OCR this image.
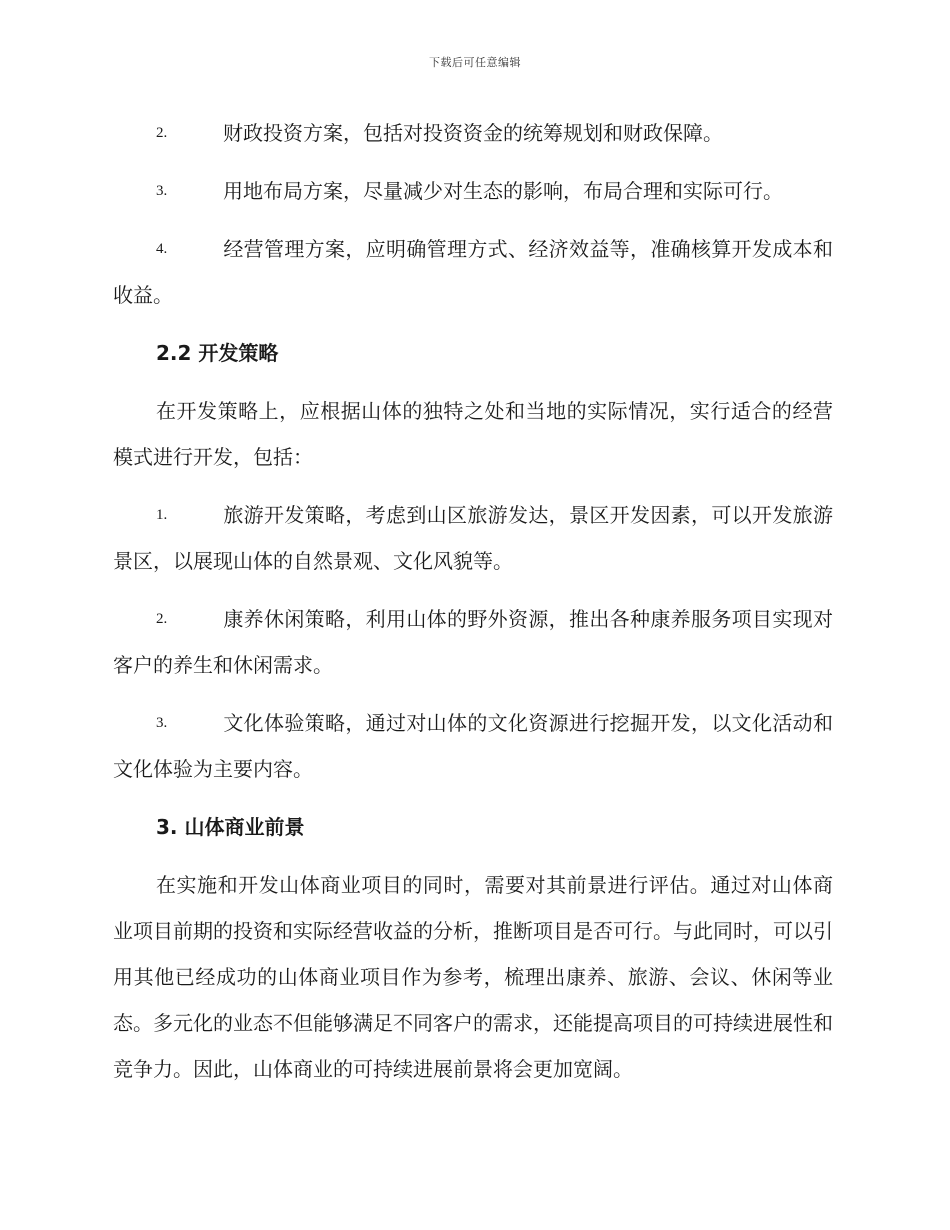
下载后可任意编辑

2.	财政投资方案，包括对投资资金的统筹规划和财政保障。

3.	用地布局方案，尽量减少对生态的影响，布局合理和实际可行。

4.	经营管理方案，应明确管理方式、经济效益等，准确核算开发成本和收益。

2.2 开发策略

在开发策略上，应根据山体的独特之处和当地的实际情况，实行适合的经营模式进行开发，包括：

1.	旅游开发策略，考虑到山区旅游发达，景区开发因素，可以开发旅游景区，以展现山体的自然景观、文化风貌等。

2.	康养休闲策略，利用山体的野外资源，推出各种康养服务项目实现对客户的养生和休闲需求。

3.	文化体验策略，通过对山体的文化资源进行挖掘开发，以文化活动和文化体验为主要内容。

3. 山体商业前景

在实施和开发山体商业项目的同时，需要对其前景进行评估。通过对山体商业项目前期的投资和实际经营收益的分析，推断项目是否可行。与此同时，可以引用其他已经成功的山体商业项目作为参考，梳理出康养、旅游、会议、休闲等业态。多元化的业态不但能够满足不同客户的需求，还能提高项目的可持续进展性和竞争力。因此，山体商业的可持续进展前景将会更加宽阔。
